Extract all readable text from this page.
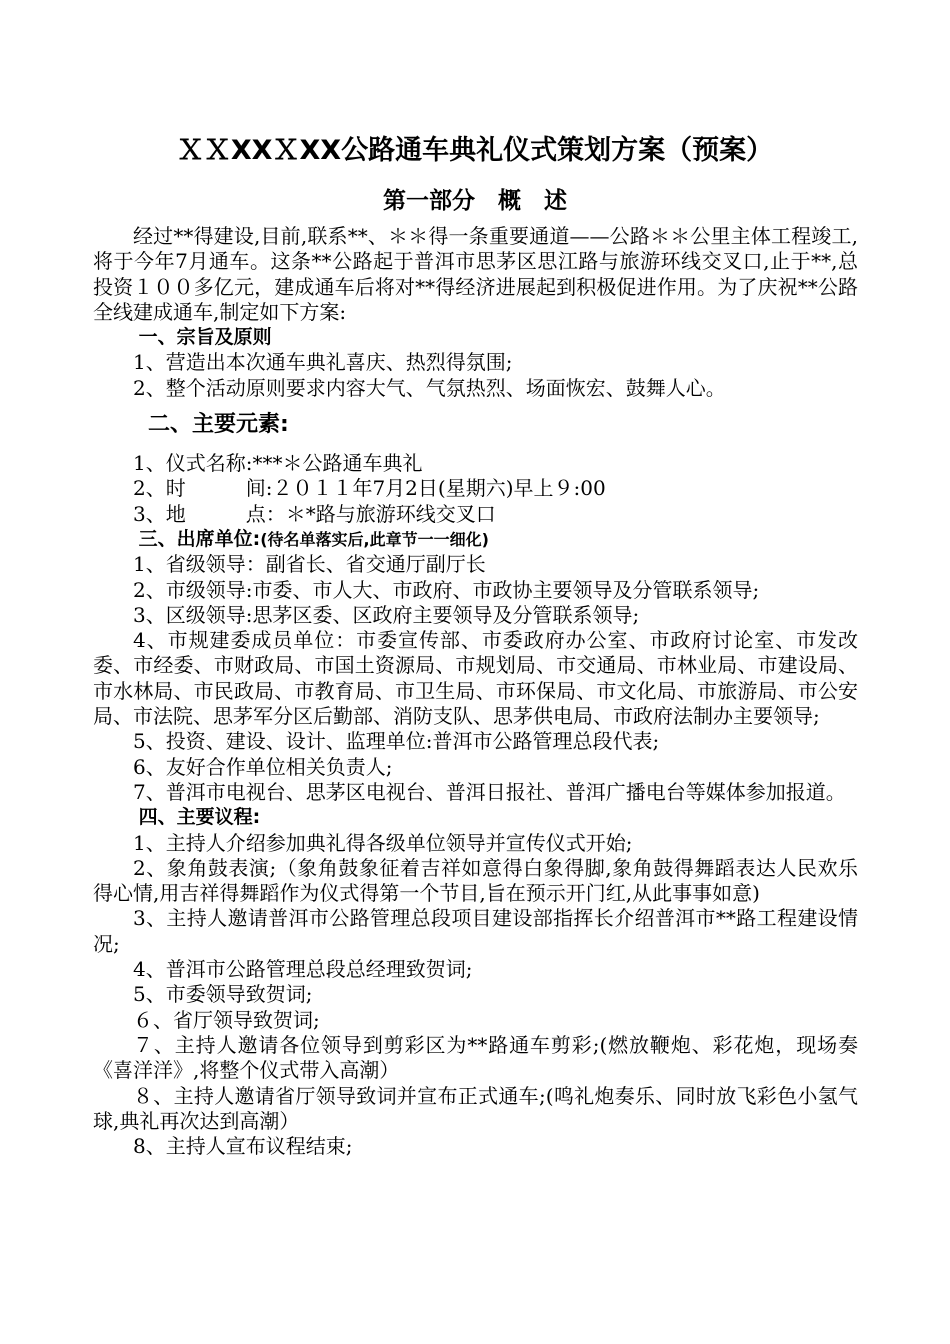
ＸＸXXＸXX公路通车典礼仪式策划方案（预案）
第一部分　概　述

经过**得建设,目前,联系**、＊＊得一条重要通道——公路＊＊公里主体工程竣工,将于今年7月通车。这条**公路起于普洱市思茅区思江路与旅游环线交叉口,止于**,总投资１００多亿元，建成通车后将对**得经济进展起到积极促进作用。为了庆祝**公路全线建成通车,制定如下方案:

一、宗旨及原则

1、营造出本次通车典礼喜庆、热烈得氛围;

2、整个活动原则要求内容大气、气氛热烈、场面恢宏、鼓舞人心。

二、主要元素:

1、仪式名称:***＊公路通车典礼

2、时　　　间:２０１１年7月2日(星期六)早上９:00

3、地　　　点：＊*路与旅游环线交叉口

三、出席单位:(待名单落实后,此章节一一细化)

1、省级领导：副省长、省交通厅副厅长

2、市级领导:市委、市人大、市政府、市政协主要领导及分管联系领导;

3、区级领导:思茅区委、区政府主要领导及分管联系领导;

4、市规建委成员单位：市委宣传部、市委政府办公室、市政府讨论室、市发改委、市经委、市财政局、市国土资源局、市规划局、市交通局、市林业局、市建设局、市水林局、市民政局、市教育局、市卫生局、市环保局、市文化局、市旅游局、市公安局、市法院、思茅军分区后勤部、消防支队、思茅供电局、市政府法制办主要领导;

5、投资、建设、设计、监理单位:普洱市公路管理总段代表;

6、友好合作单位相关负责人;

7、普洱市电视台、思茅区电视台、普洱日报社、普洱广播电台等媒体参加报道。

四、主要议程:

1、主持人介绍参加典礼得各级单位领导并宣传仪式开始;

2、象角鼓表演;（象角鼓象征着吉祥如意得白象得脚,象角鼓得舞蹈表达人民欢乐得心情,用吉祥得舞蹈作为仪式得第一个节目,旨在预示开门红,从此事事如意)

3、主持人邀请普洱市公路管理总段项目建设部指挥长介绍普洱市**路工程建设情况;

4、普洱市公路管理总段总经理致贺词;

5、市委领导致贺词;

６、省厅领导致贺词;

７、主持人邀请各位领导到剪彩区为**路通车剪彩;(燃放鞭炮、彩花炮，现场奏《喜洋洋》,将整个仪式带入高潮）

８、主持人邀请省厅领导致词并宣布正式通车;(鸣礼炮奏乐、同时放飞彩色小氢气球,典礼再次达到高潮）

8、主持人宣布议程结束;
